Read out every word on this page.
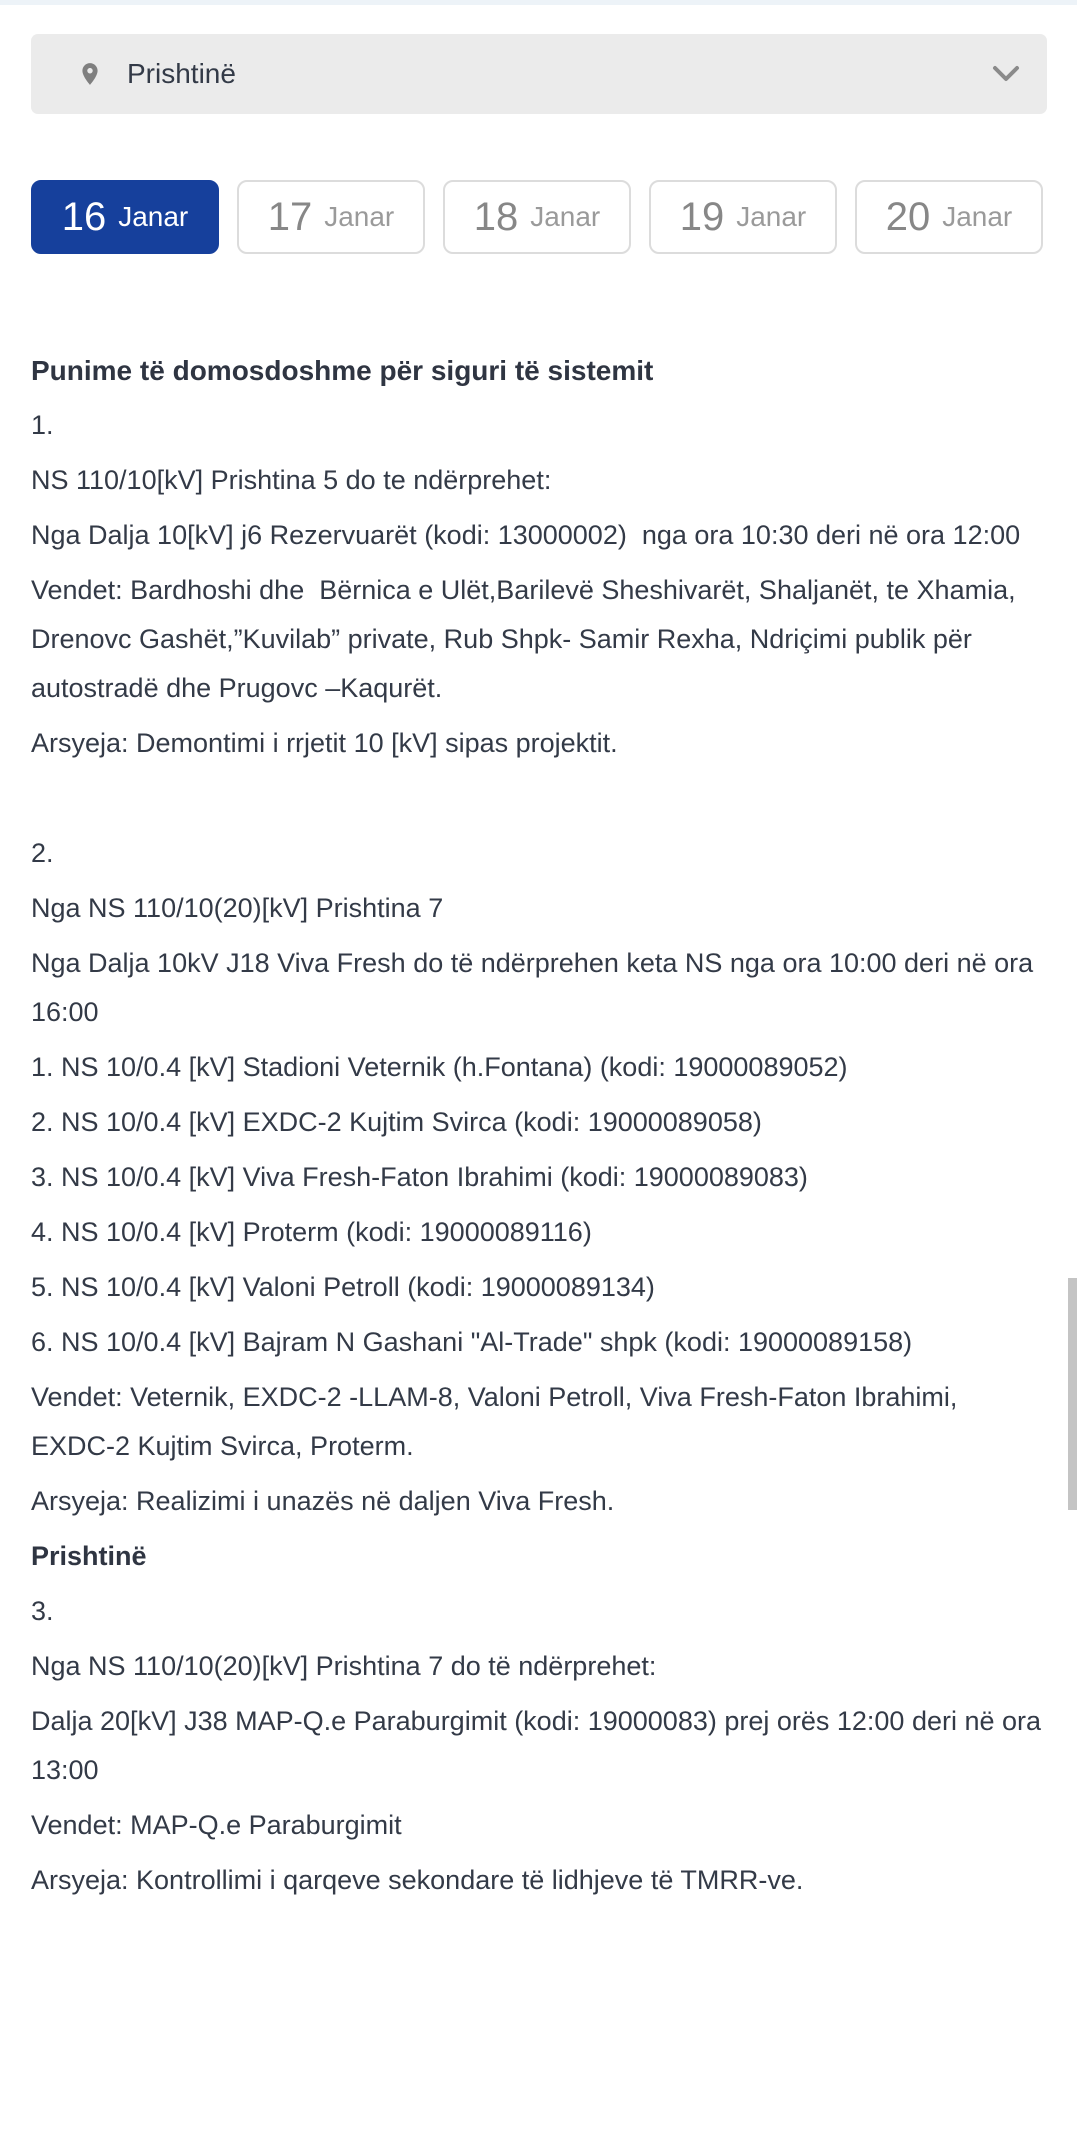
Prishtinë
16 Janar 17 Janar 18 Janar 19 Janar 20 Janar
Punime të domosdoshme për siguri të sistemit

1.

NS 110/10[kV] Prishtina 5 do te ndërprehet:

Nga Dalja 10[kV] j6 Rezervuarët (kodi: 13000002)  nga ora 10:30 deri në ora 12:00

Vendet: Bardhoshi dhe  Bërnica e Ulët,Barilevë Sheshivarët, Shaljanët, te Xhamia, Drenovc Gashët,”Kuvilab” private, Rub Shpk- Samir Rexha, Ndriçimi publik për autostradë dhe Prugovc –Kaqurët.

Arsyeja: Demontimi i rrjetit 10 [kV] sipas projektit.

2.

Nga NS 110/10(20)[kV] Prishtina 7

Nga Dalja 10kV J18 Viva Fresh do të ndërprehen keta NS nga ora 10:00 deri në ora 16:00

1. NS 10/0.4 [kV] Stadioni Veternik (h.Fontana) (kodi: 19000089052)

2. NS 10/0.4 [kV] EXDC-2 Kujtim Svirca (kodi: 19000089058)

3. NS 10/0.4 [kV] Viva Fresh-Faton Ibrahimi (kodi: 19000089083)

4. NS 10/0.4 [kV] Proterm (kodi: 19000089116)

5. NS 10/0.4 [kV] Valoni Petroll (kodi: 19000089134)

6. NS 10/0.4 [kV] Bajram N Gashani "Al-Trade" shpk (kodi: 19000089158)

Vendet: Veternik, EXDC-2 -LLAM-8, Valoni Petroll, Viva Fresh-Faton Ibrahimi, EXDC-2 Kujtim Svirca, Proterm.

Arsyeja: Realizimi i unazës në daljen Viva Fresh.

Prishtinë

3.

Nga NS 110/10(20)[kV] Prishtina 7 do të ndërprehet:

Dalja 20[kV] J38 MAP-Q.e Paraburgimit (kodi: 19000083) prej orës 12:00 deri në ora 13:00

Vendet: MAP-Q.e Paraburgimit

Arsyeja: Kontrollimi i qarqeve sekondare të lidhjeve të TMRR-ve.
